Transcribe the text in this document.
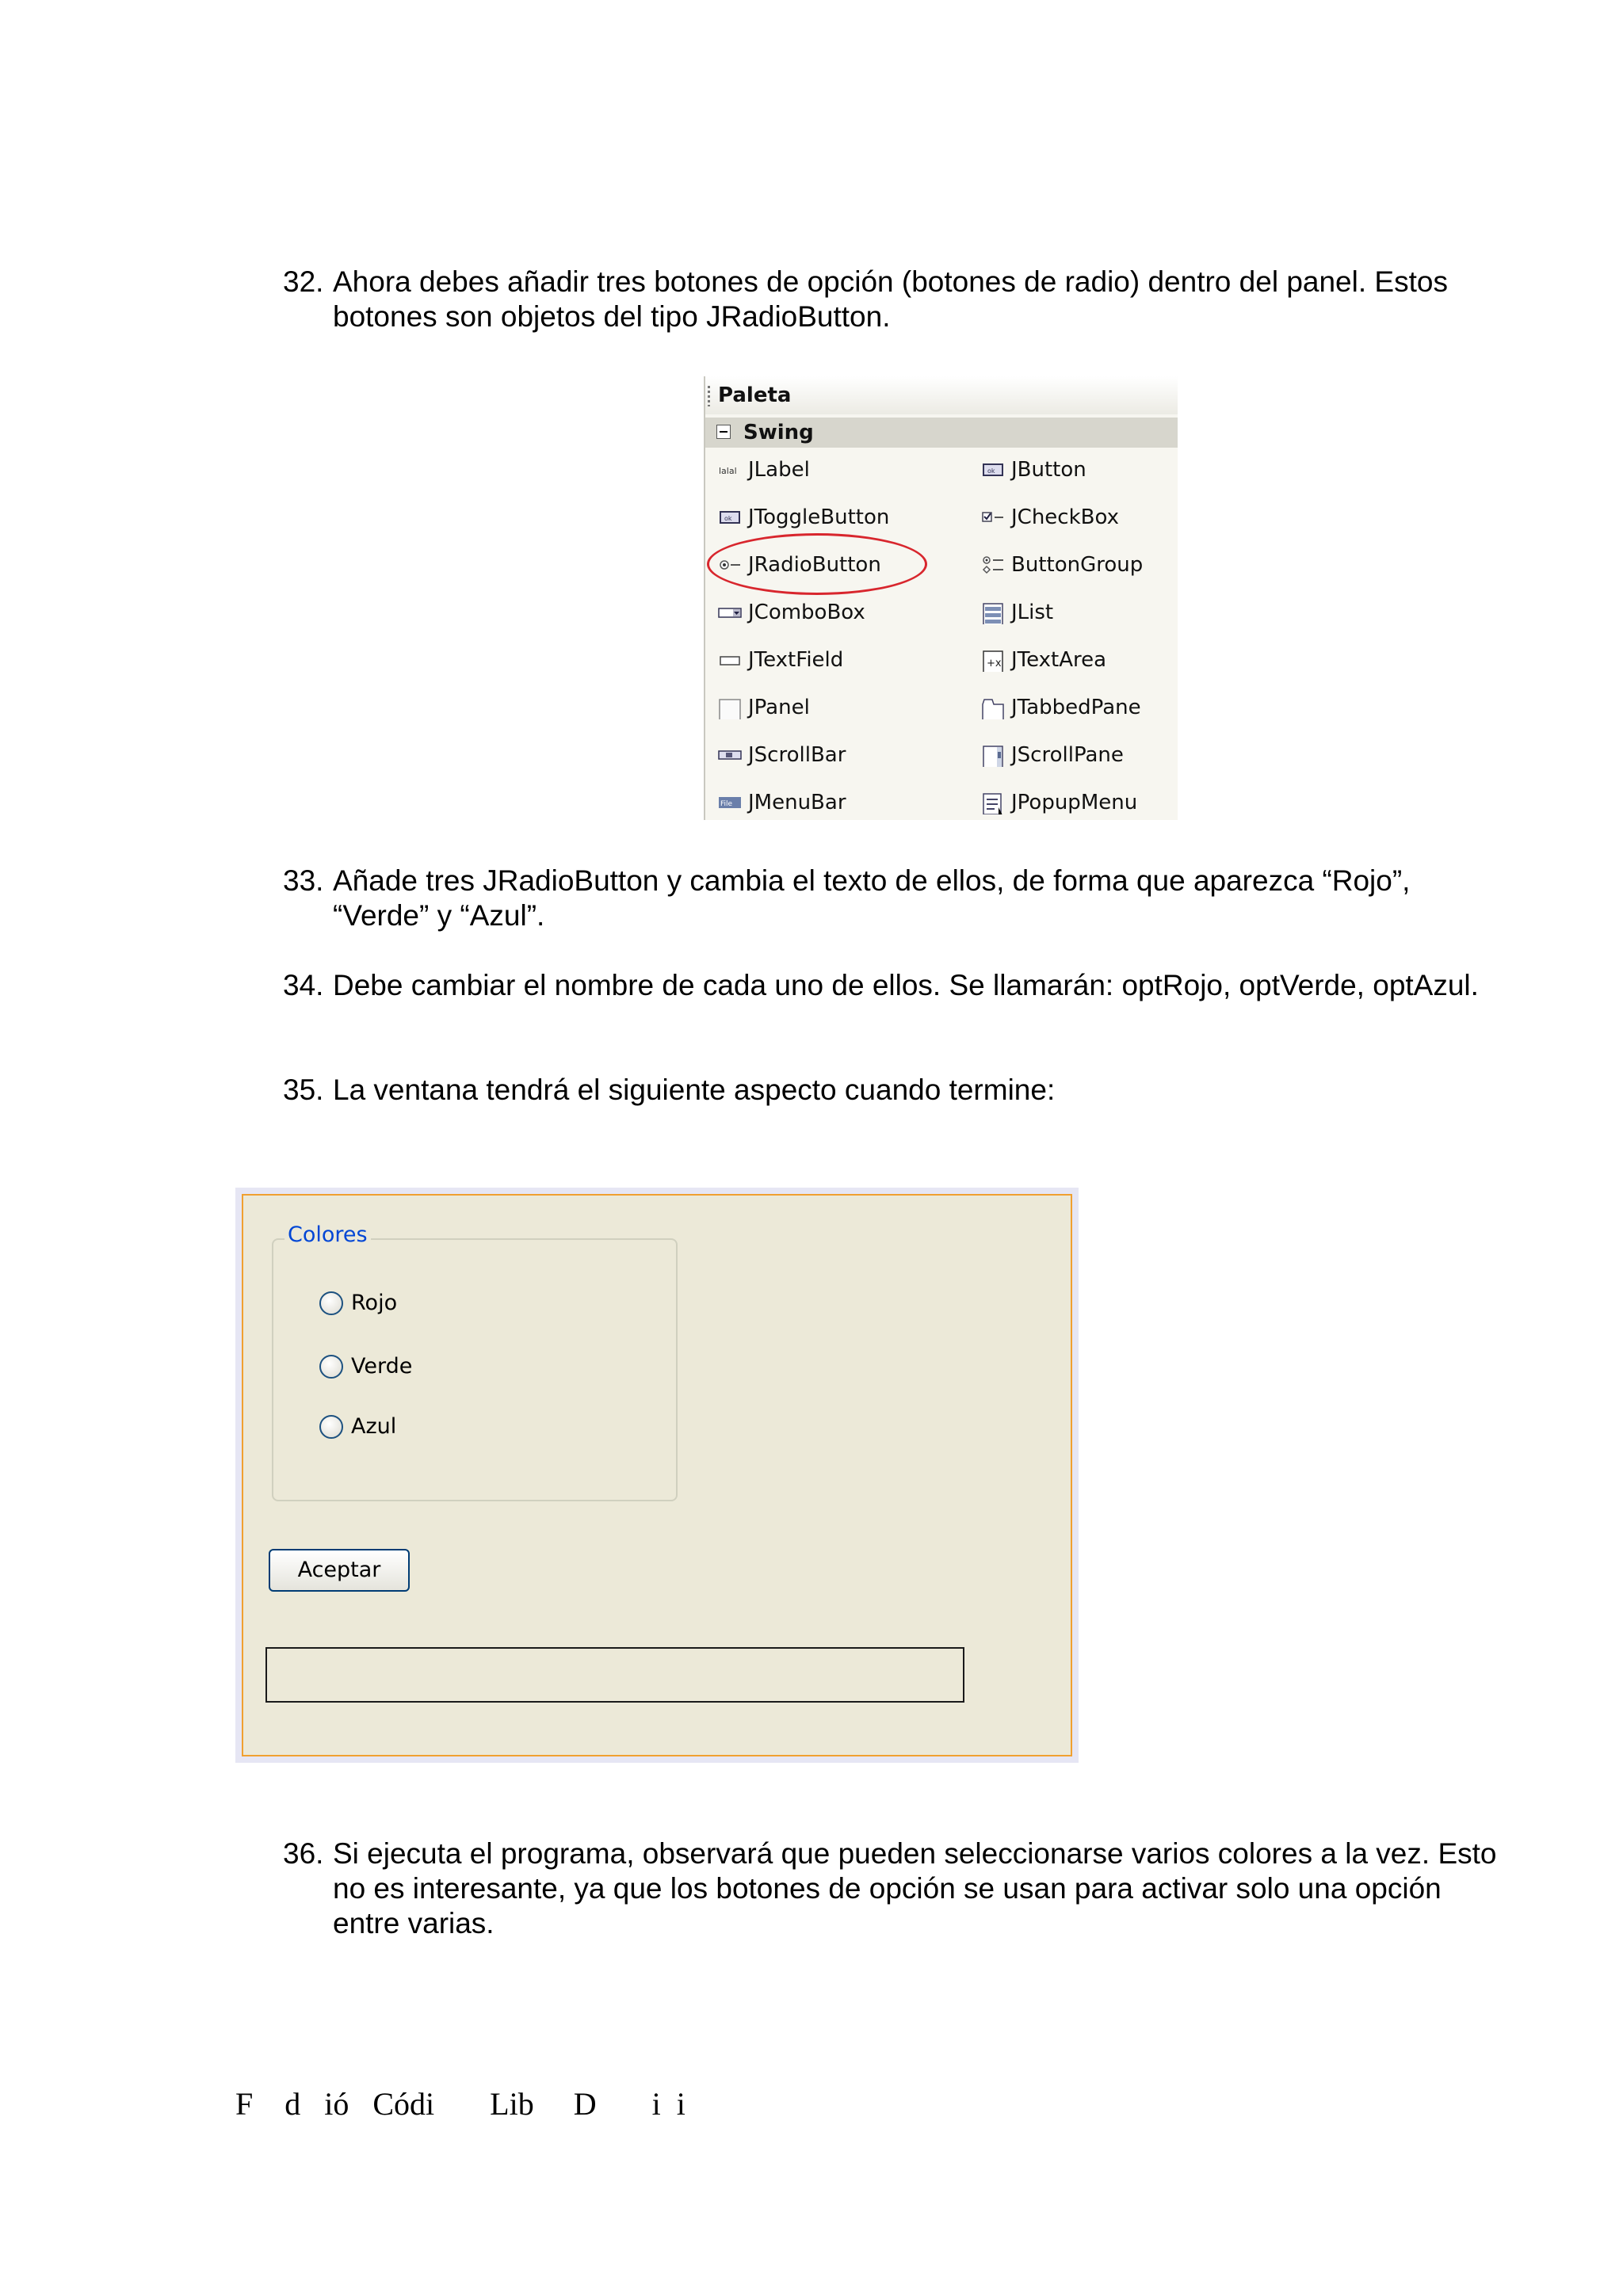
32. Ahora debes añadir tres botones de opción (botones de radio) dentro del panel. Estos botones son objetos del tipo JRadioButton.
Paleta
Swing
lalal JLabel
ok JToggleButton
JRadioButton
JComboBox
JTextField
JPanel
JScrollBar
File JMenuBar
ok JButton
JCheckBox
ButtonGroup
JList
+x JTextArea
JTabbedPane
JScrollPane
JPopupMenu
33. Añade tres JRadioButton y cambia el texto de ellos, de forma que aparezca “Rojo”, “Verde” y “Azul”.
34. Debe cambiar el nombre de cada uno de ellos. Se llamarán: optRojo, optVerde, optAzul.
35. La ventana tendrá el siguiente aspecto cuando termine:
Colores
Rojo
Verde
Azul
Aceptar
36. Si ejecuta el programa, observará que pueden seleccionarse varios colores a la vez. Esto no es interesante, ya que los botones de opción se usan para activar solo una opción entre varias.
F    d   ió   Códi       Lib     D       i  i
